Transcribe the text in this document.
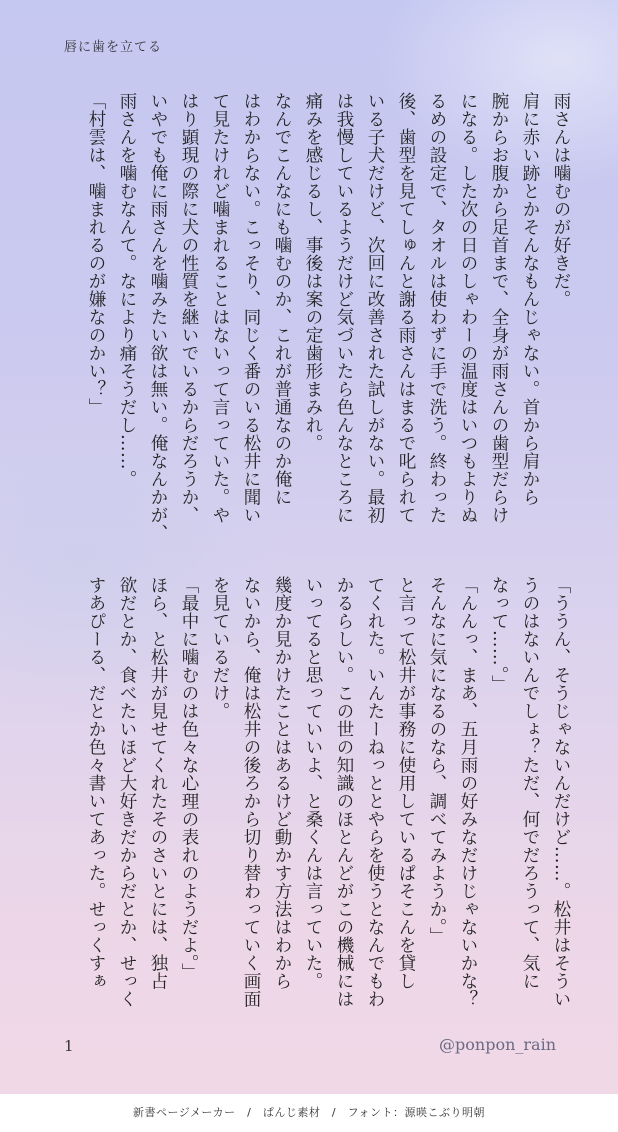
唇に歯を立てる

雨さんは噛むのが好きだ。

肩に赤い跡とかそんなもんじゃない。首から肩から

腕からお腹から足首まで、全身が雨さんの歯型だらけ

になる。した次の日のしゃわーの温度はいつもよりぬ

るめの設定で、タオルは使わずに手で洗う。終わった

後、歯型を見てしゅんと謝る雨さんはまるで叱られて

いる子犬だけど、次回に改善された試しがない。最初

は我慢しているようだけど気づいたら色んなところに

痛みを感じるし、事後は案の定歯形まみれ。

なんでこんなにも噛むのか、これが普通なのか俺に

はわからない。こっそり、同じく番のいる松井に聞い

て見たけれど噛まれることはないって言っていた。や

はり顕現の際に犬の性質を継いでいるからだろうか、

いやでも俺に雨さんを噛みたい欲は無い。俺なんかが、

雨さんを噛むなんて。なにより痛そうだし……。

「村雲は、噛まれるのが嫌なのかい？」

「ううん、そうじゃないんだけど……。松井はそうい

うのはないんでしょ？ただ、何でだろうって、気に

なって……。」

「んんっ、まあ、五月雨の好みなだけじゃないかな？

そんなに気になるのなら、調べてみようか。」

と言って松井が事務に使用しているぱそこんを貸し

てくれた。いんたーねっととやらを使うとなんでもわ

かるらしい。この世の知識のほとんどがこの機械には

いってると思っていいよ、と桑くんは言っていた。

幾度か見かけたことはあるけど動かす方法はわから

ないから、俺は松井の後ろから切り替わっていく画面

を見ているだけ。

「最中に噛むのは色々な心理の表れのようだよ。」

ほら、と松井が見せてくれたそのさいとには、独占

欲だとか、食べたいほど大好きだからだとか、せっく

すあぴーる、だとか色々書いてあった。せっくすぁ

1	@ponpon_rain
新書ページメーカー　/　ぱんじ素材　/　フォント：源暎こぶり明朝
